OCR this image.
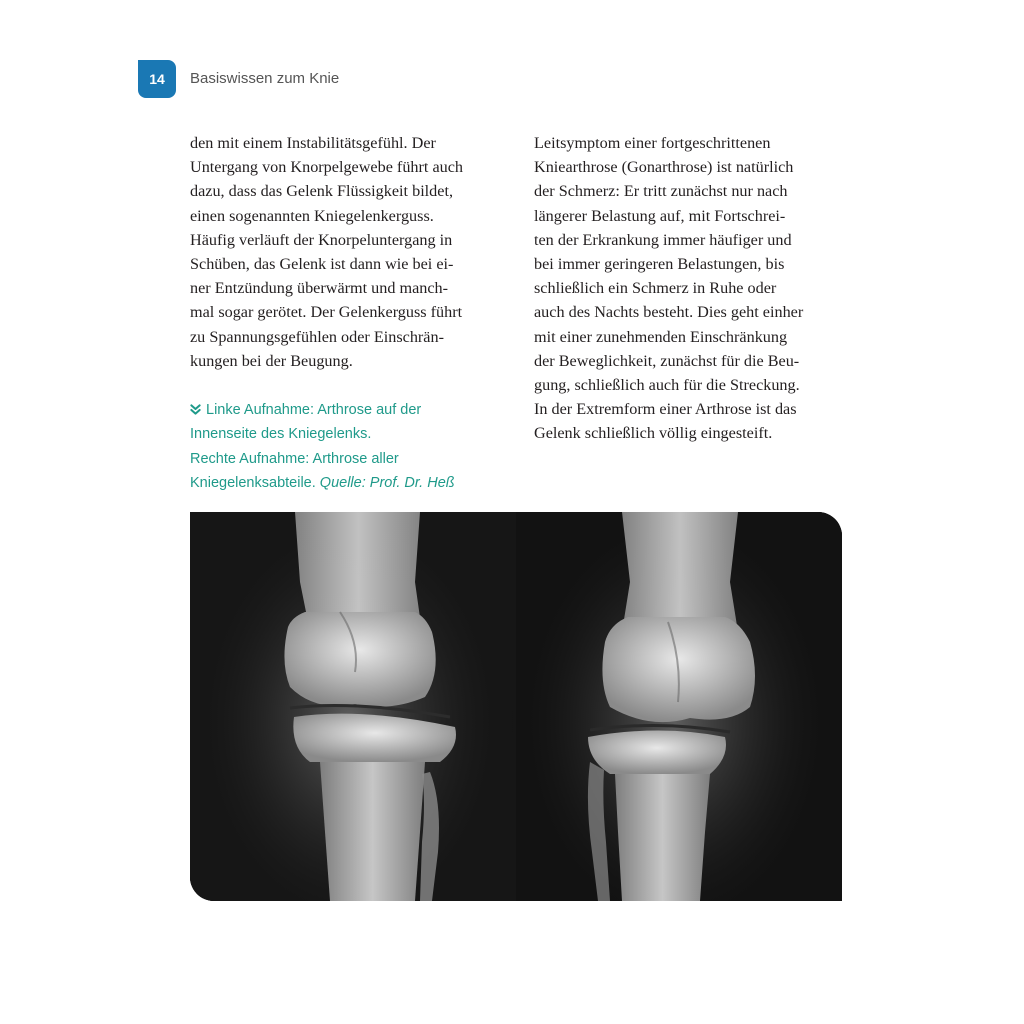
14 Basiswissen zum Knie
den mit einem Instabilitätsgefühl. Der
Untergang von Knorpelgewebe führt auch
dazu, dass das Gelenk Flüssigkeit bildet,
einen sogenannten Kniegelenkerguss.
Häufig verläuft der Knorpeluntergang in
Schüben, das Gelenk ist dann wie bei ei-
ner Entzündung überwärmt und manch-
mal sogar gerötet. Der Gelenkerguss führt
zu Spannungsgefühlen oder Einschrän-
kungen bei der Beugung.
Linke Aufnahme: Arthrose auf der
Innenseite des Kniegelenks.
Rechte Aufnahme: Arthrose aller
Kniegelenksabteile. Quelle: Prof. Dr. Heß
Leitsymptom einer fortgeschrittenen
Kniearthrose (Gonarthrose) ist natürlich
der Schmerz: Er tritt zunächst nur nach
längerer Belastung auf, mit Fortschrei-
ten der Erkrankung immer häufiger und
bei immer geringeren Belastungen, bis
schließlich ein Schmerz in Ruhe oder
auch des Nachts besteht. Dies geht einher
mit einer zunehmenden Einschränkung
der Beweglichkeit, zunächst für die Beu-
gung, schließlich auch für die Streckung.
In der Extremform einer Arthrose ist das
Gelenk schließlich völlig eingesteift.
